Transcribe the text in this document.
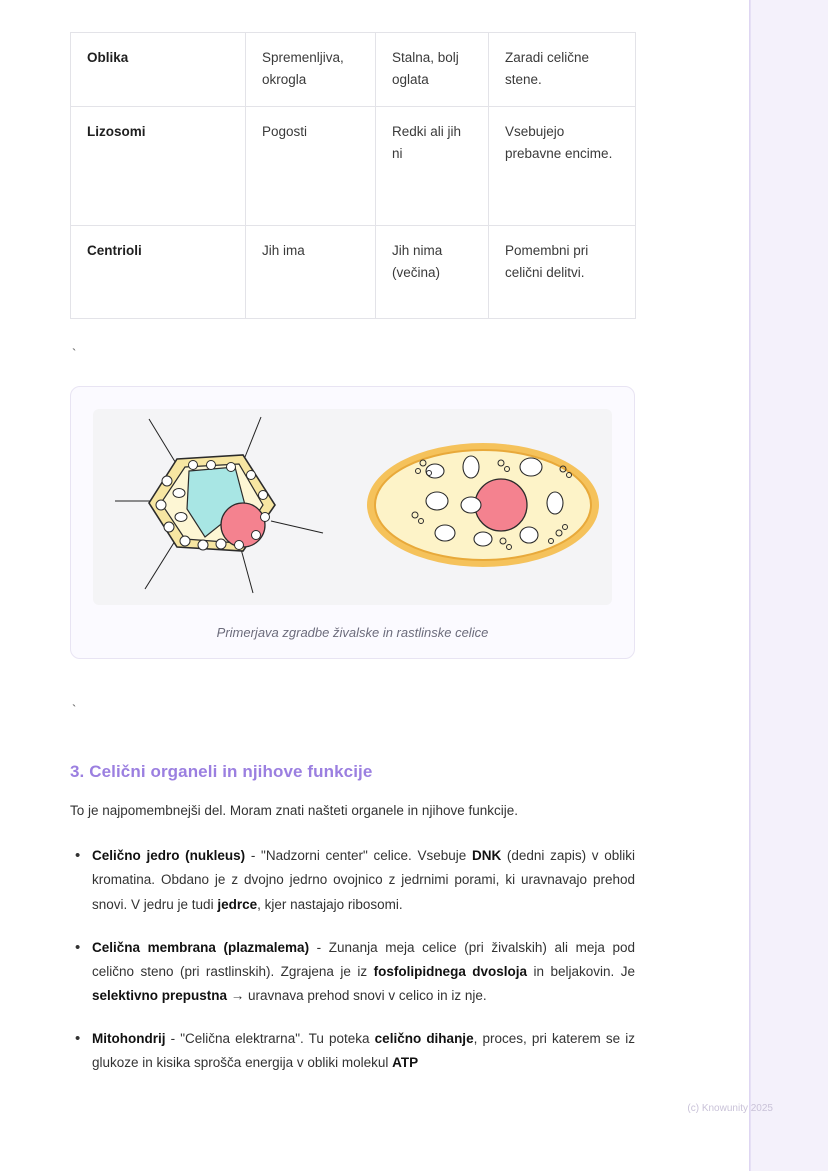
(c) Knowunity 2025
Oblika	Spremenljiva, okrogla	Stalna, bolj oglata	Zaradi celične stene.
Lizosomi	Pogosti	Redki ali jih ni	Vsebujejo prebavne encime.
Centrioli	Jih ima	Jih nima (večina)	Pomembni pri celični delitvi.
`
Primerjava zgradbe živalske in rastlinske celice
`
3. Celični organeli in njihove funkcije

To je najpomembnejši del. Moram znati našteti organele in njihove funkcije.

• Celično jedro (nukleus) - "Nadzorni center" celice. Vsebuje DNK (dedni zapis) v obliki kromatina. Obdano je z dvojno jedrno ovojnico z jedrnimi porami, ki uravnavajo prehod snovi. V jedru je tudi jedrce, kjer nastajajo ribosomi.
• Celična membrana (plazmalema) - Zunanja meja celice (pri živalskih) ali meja pod celično steno (pri rastlinskih). Zgrajena je iz fosfolipidnega dvosloja in beljakovin. Je selektivno prepustna → uravnava prehod snovi v celico in iz nje.
• Mitohondrij - "Celična elektrarna". Tu poteka celično dihanje, proces, pri katerem se iz glukoze in kisika sprošča energija v obliki molekul ATP
